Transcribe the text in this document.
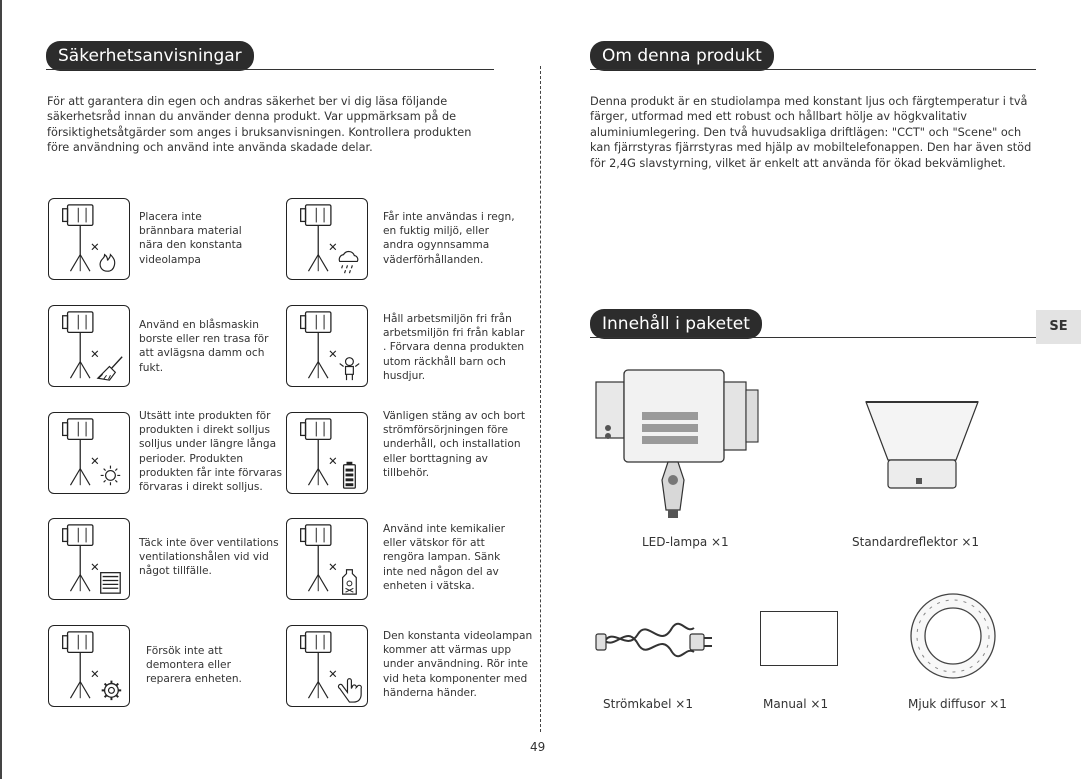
Säkerhetsanvisningar

För att garantera din egen och andras säkerhet ber vi dig läsa följande säkerhetsråd innan du använder denna produkt. Var uppmärksam på de försiktighetsåtgärder som anges i bruksanvisningen. Kontrollera produkten före användning och använd inte använda skadade delar.

Placera inte brännbara material nära den konstanta videolampa

Får inte användas i regn, en fuktig miljö, eller andra ogynnsamma väderförhållanden.

Använd en blåsmaskin borste eller ren trasa för att avlägsna damm och fukt.

Håll arbetsmiljön fri från arbetsmiljön fri från kablar . Förvara denna produkten utom räckhåll barn och husdjur.

Utsätt inte produkten för produkten i direkt solljus solljus under längre långa perioder. Produkten produkten får inte förvaras förvaras i direkt solljus.

Vänligen stäng av och bort strömförsörjningen före underhåll, och installation eller borttagning av tillbehör.

Täck inte över ventilations ventilationshålen vid vid något tillfälle.

Använd inte kemikalier eller vätskor för att rengöra lampan. Sänk inte ned någon del av enheten i vätska.

Försök inte att demontera eller reparera enheten.

Den konstanta videolampan kommer att värmas upp under användning. Rör inte vid heta komponenter med händerna händer.

Om denna produkt

Denna produkt är en studiolampa med konstant ljus och färgtemperatur i två färger, utformad med ett robust och hållbart hölje av högkvalitativ aluminiumlegering. Den två huvudsakliga driftlägen: "CCT" och "Scene" och kan fjärrstyras fjärrstyras med hjälp av mobiltelefonappen. Den har även stöd för 2,4G slavstyrning, vilket är enkelt att använda för ökad bekvämlighet.

Innehåll i paketet	SE
LED-lampa ×1	Standardreflektor ×1
Strömkabel ×1	Manual ×1	Mjuk diffusor ×1
49
